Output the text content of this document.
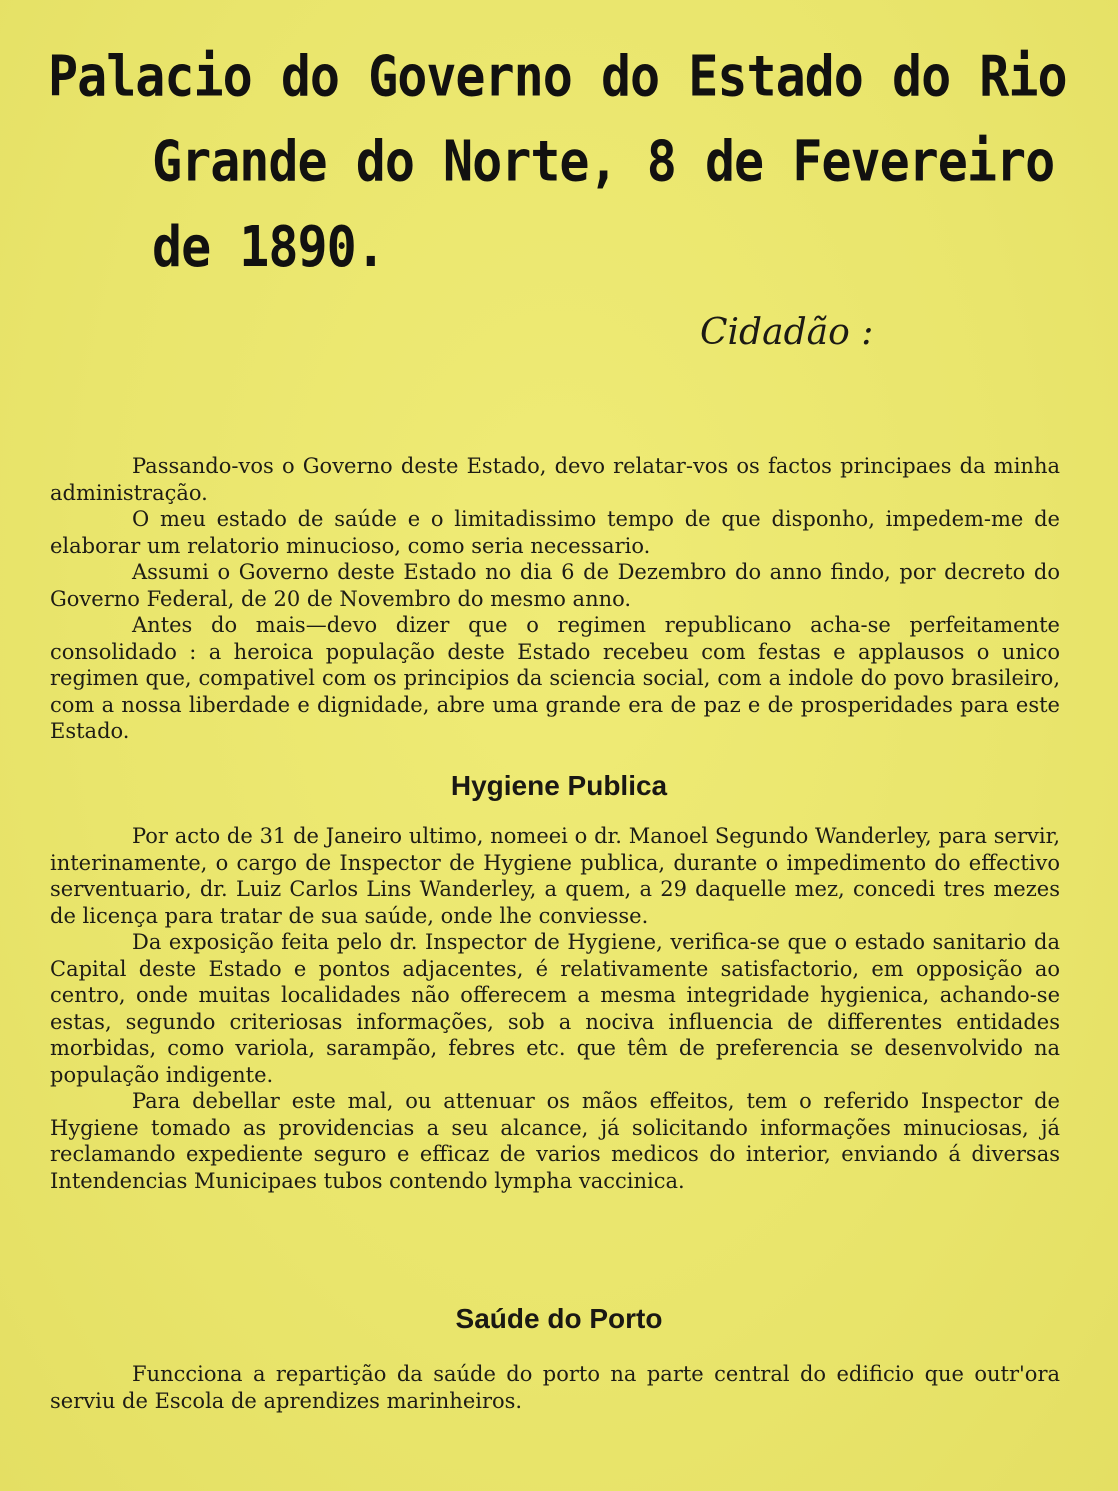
Palacio do Governo do Estado do Rio
Grande do Norte, 8 de Fevereiro
de 1890.

Cidadão :

Passando-vos o Governo deste Estado, devo relatar-vos os factos principaes da minha administração.

O meu estado de saúde e o limitadissimo tempo de que disponho, impedem-me de elaborar um relatorio minucioso, como seria necessario.

Assumi o Governo deste Estado no dia 6 de Dezembro do anno findo, por decreto do Governo Federal, de 20 de Novembro do mesmo anno.

Antes do mais—devo dizer que o regimen republicano acha-se perfeitamente consolidado : a heroica população deste Estado recebeu com festas e applausos o unico regimen que, compativel com os principios da sciencia social, com a indole do povo brasileiro, com a nossa liberdade e dignidade, abre uma grande era de paz e de prosperidades para este Estado.

Hygiene Publica

Por acto de 31 de Janeiro ultimo, nomeei o dr. Manoel Segundo Wanderley, para servir, interinamente, o cargo de Inspector de Hygiene publica, durante o impedimento do effectivo serventuario, dr. Luiz Carlos Lins Wanderley, a quem, a 29 daquelle mez, concedi tres mezes de licença para tratar de sua saúde, onde lhe conviesse.

Da exposição feita pelo dr. Inspector de Hygiene, verifica-se que o estado sanitario da Capital deste Estado e pontos adjacentes, é relativamente satisfactorio, em opposição ao centro, onde muitas localidades não offerecem a mesma integridade hygienica, achando-se estas, segundo criteriosas informações, sob a nociva influencia de differentes entidades morbidas, como variola, sarampão, febres etc. que têm de preferencia se desenvolvido na população indigente.

Para debellar este mal, ou attenuar os mãos effeitos, tem o referido Inspector de Hygiene tomado as providencias a seu alcance, já solicitando informações minuciosas, já reclamando expediente seguro e efficaz de varios medicos do interior, enviando á diversas Intendencias Municipaes tubos contendo lympha vaccinica.

Saúde do Porto

Funcciona a repartição da saúde do porto na parte central do edificio que outr'ora serviu de Escola de aprendizes marinheiros.
